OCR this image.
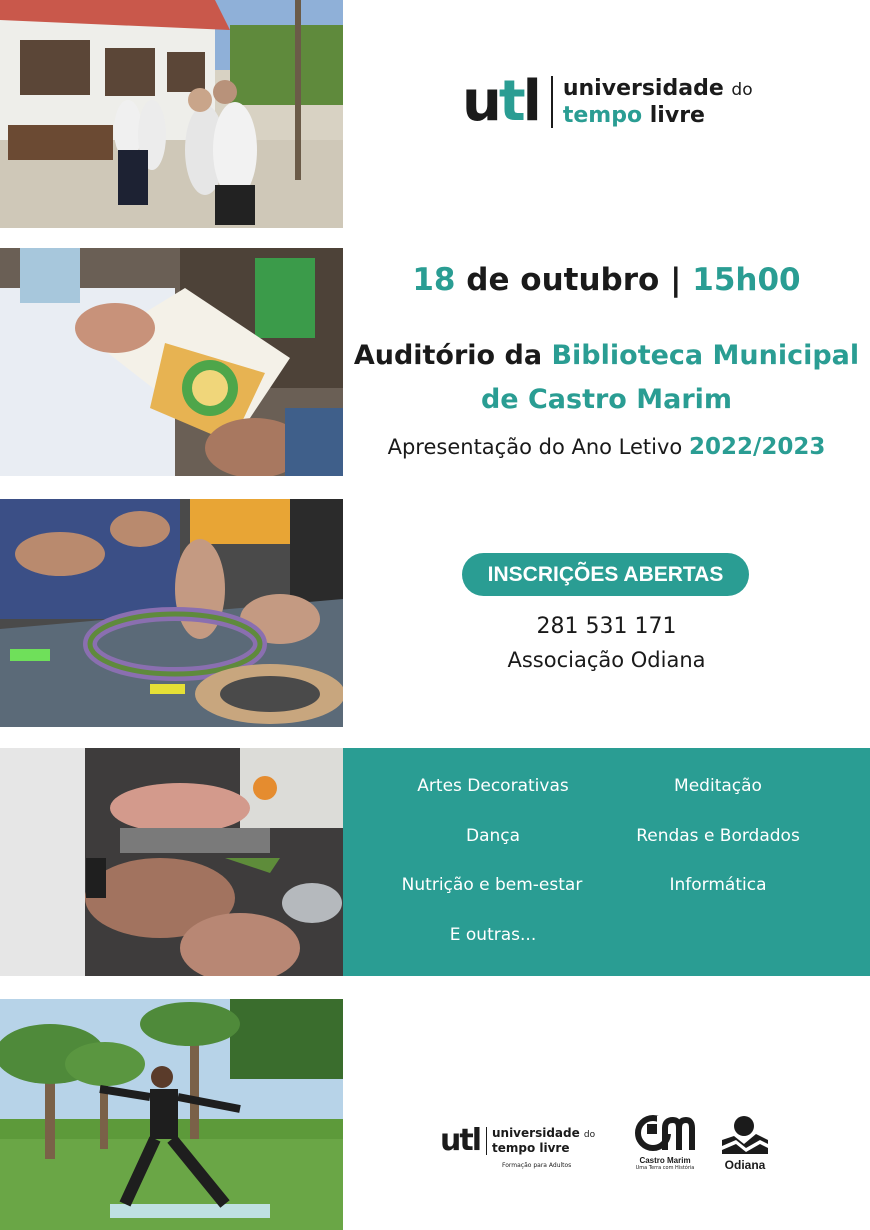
utl universidade do
tempo livre
18 de outubro | 15h00
Auditório da Biblioteca Municipal
de Castro Marim
Apresentação do Ano Letivo 2022/2023
INSCRIÇÕES ABERTAS
281 531 171
Associação Odiana
Artes Decorativas	Meditação
Dança	Rendas e Bordados
Nutrição e bem-estar	Informática
E outras...
utl universidade do
tempo livre
Formação para Adultos
Castro Marim
Uma Terra com História	Odiana
